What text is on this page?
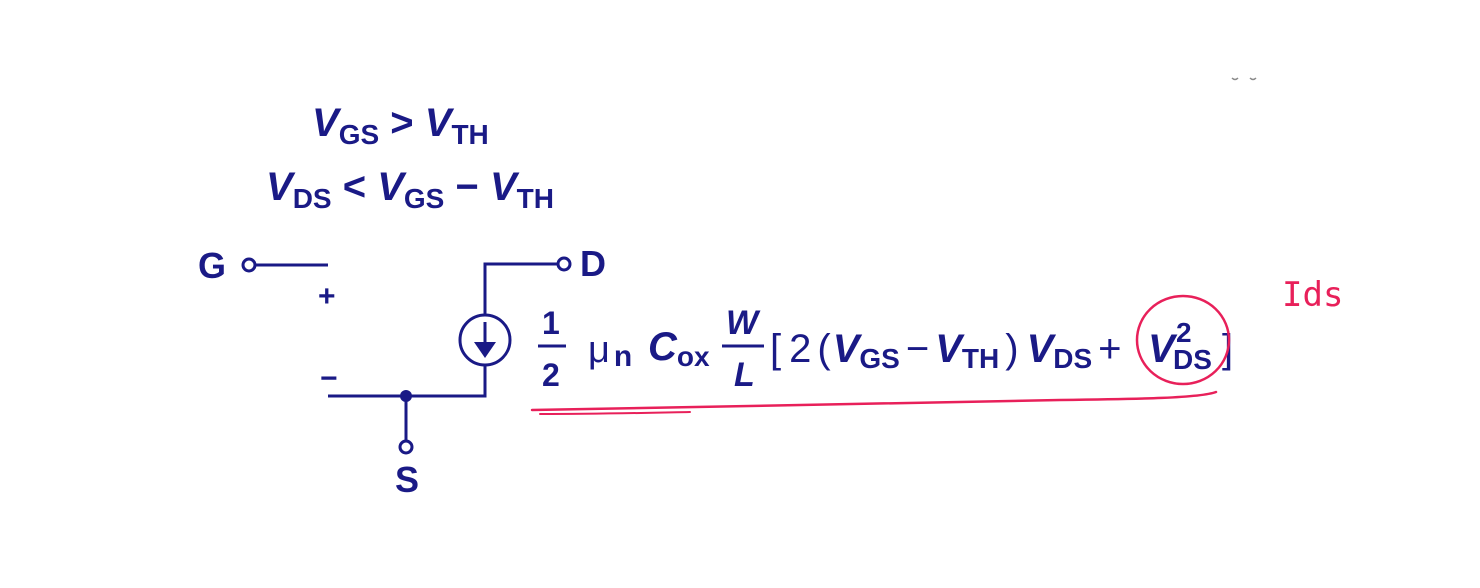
$V_{GS} > V_{TH}$
$V_{DS} < V_{GS} - V_{TH}$
G	D
S
+
−
1
2
μ n Cox
W
L
[ 2 (VGS − VTH ) VDS + V 2
DS ]
Ids
